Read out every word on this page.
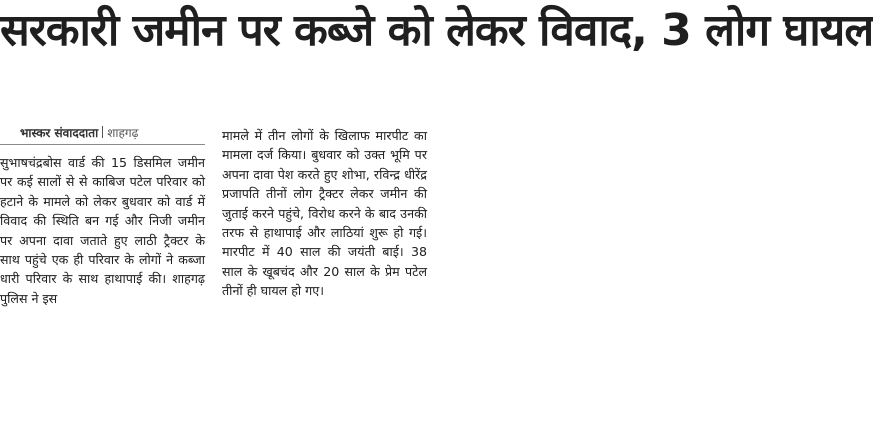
सरकारी जमीन पर कब्जे को लेकर विवाद, 3 लोग घायल
भास्कर संवाददाता शाहगढ़

सुभाषचंद्रबोस वार्ड की 15 डिसमिल जमीन पर कई सालों से से काबिज पटेल परिवार को हटाने के मामले को लेकर बुधवार को वार्ड में विवाद की स्थिति बन गई और निजी जमीन पर अपना दावा जताते हुए लाठी ट्रैक्टर के साथ पहुंचे एक ही परिवार के लोगों ने कब्जा धारी परिवार के साथ हाथापाई की। शाहगढ़ पुलिस ने इस

मामले में तीन लोगों के खिलाफ मारपीट का मामला दर्ज किया। बुधवार को उक्त भूमि पर अपना दावा पेश करते हुए शोभा, रविन्द्र धीरेंद्र प्रजापति तीनों लोग ट्रैक्टर लेकर जमीन की जुताई करने पहुंचे, विरोध करने के बाद उनकी तरफ से हाथापाई और लाठियां शुरू हो गई। मारपीट में 40 साल की जयंती बाई। 38 साल के खूबचंद और 20 साल के प्रेम पटेल तीनों ही घायल हो गए।
